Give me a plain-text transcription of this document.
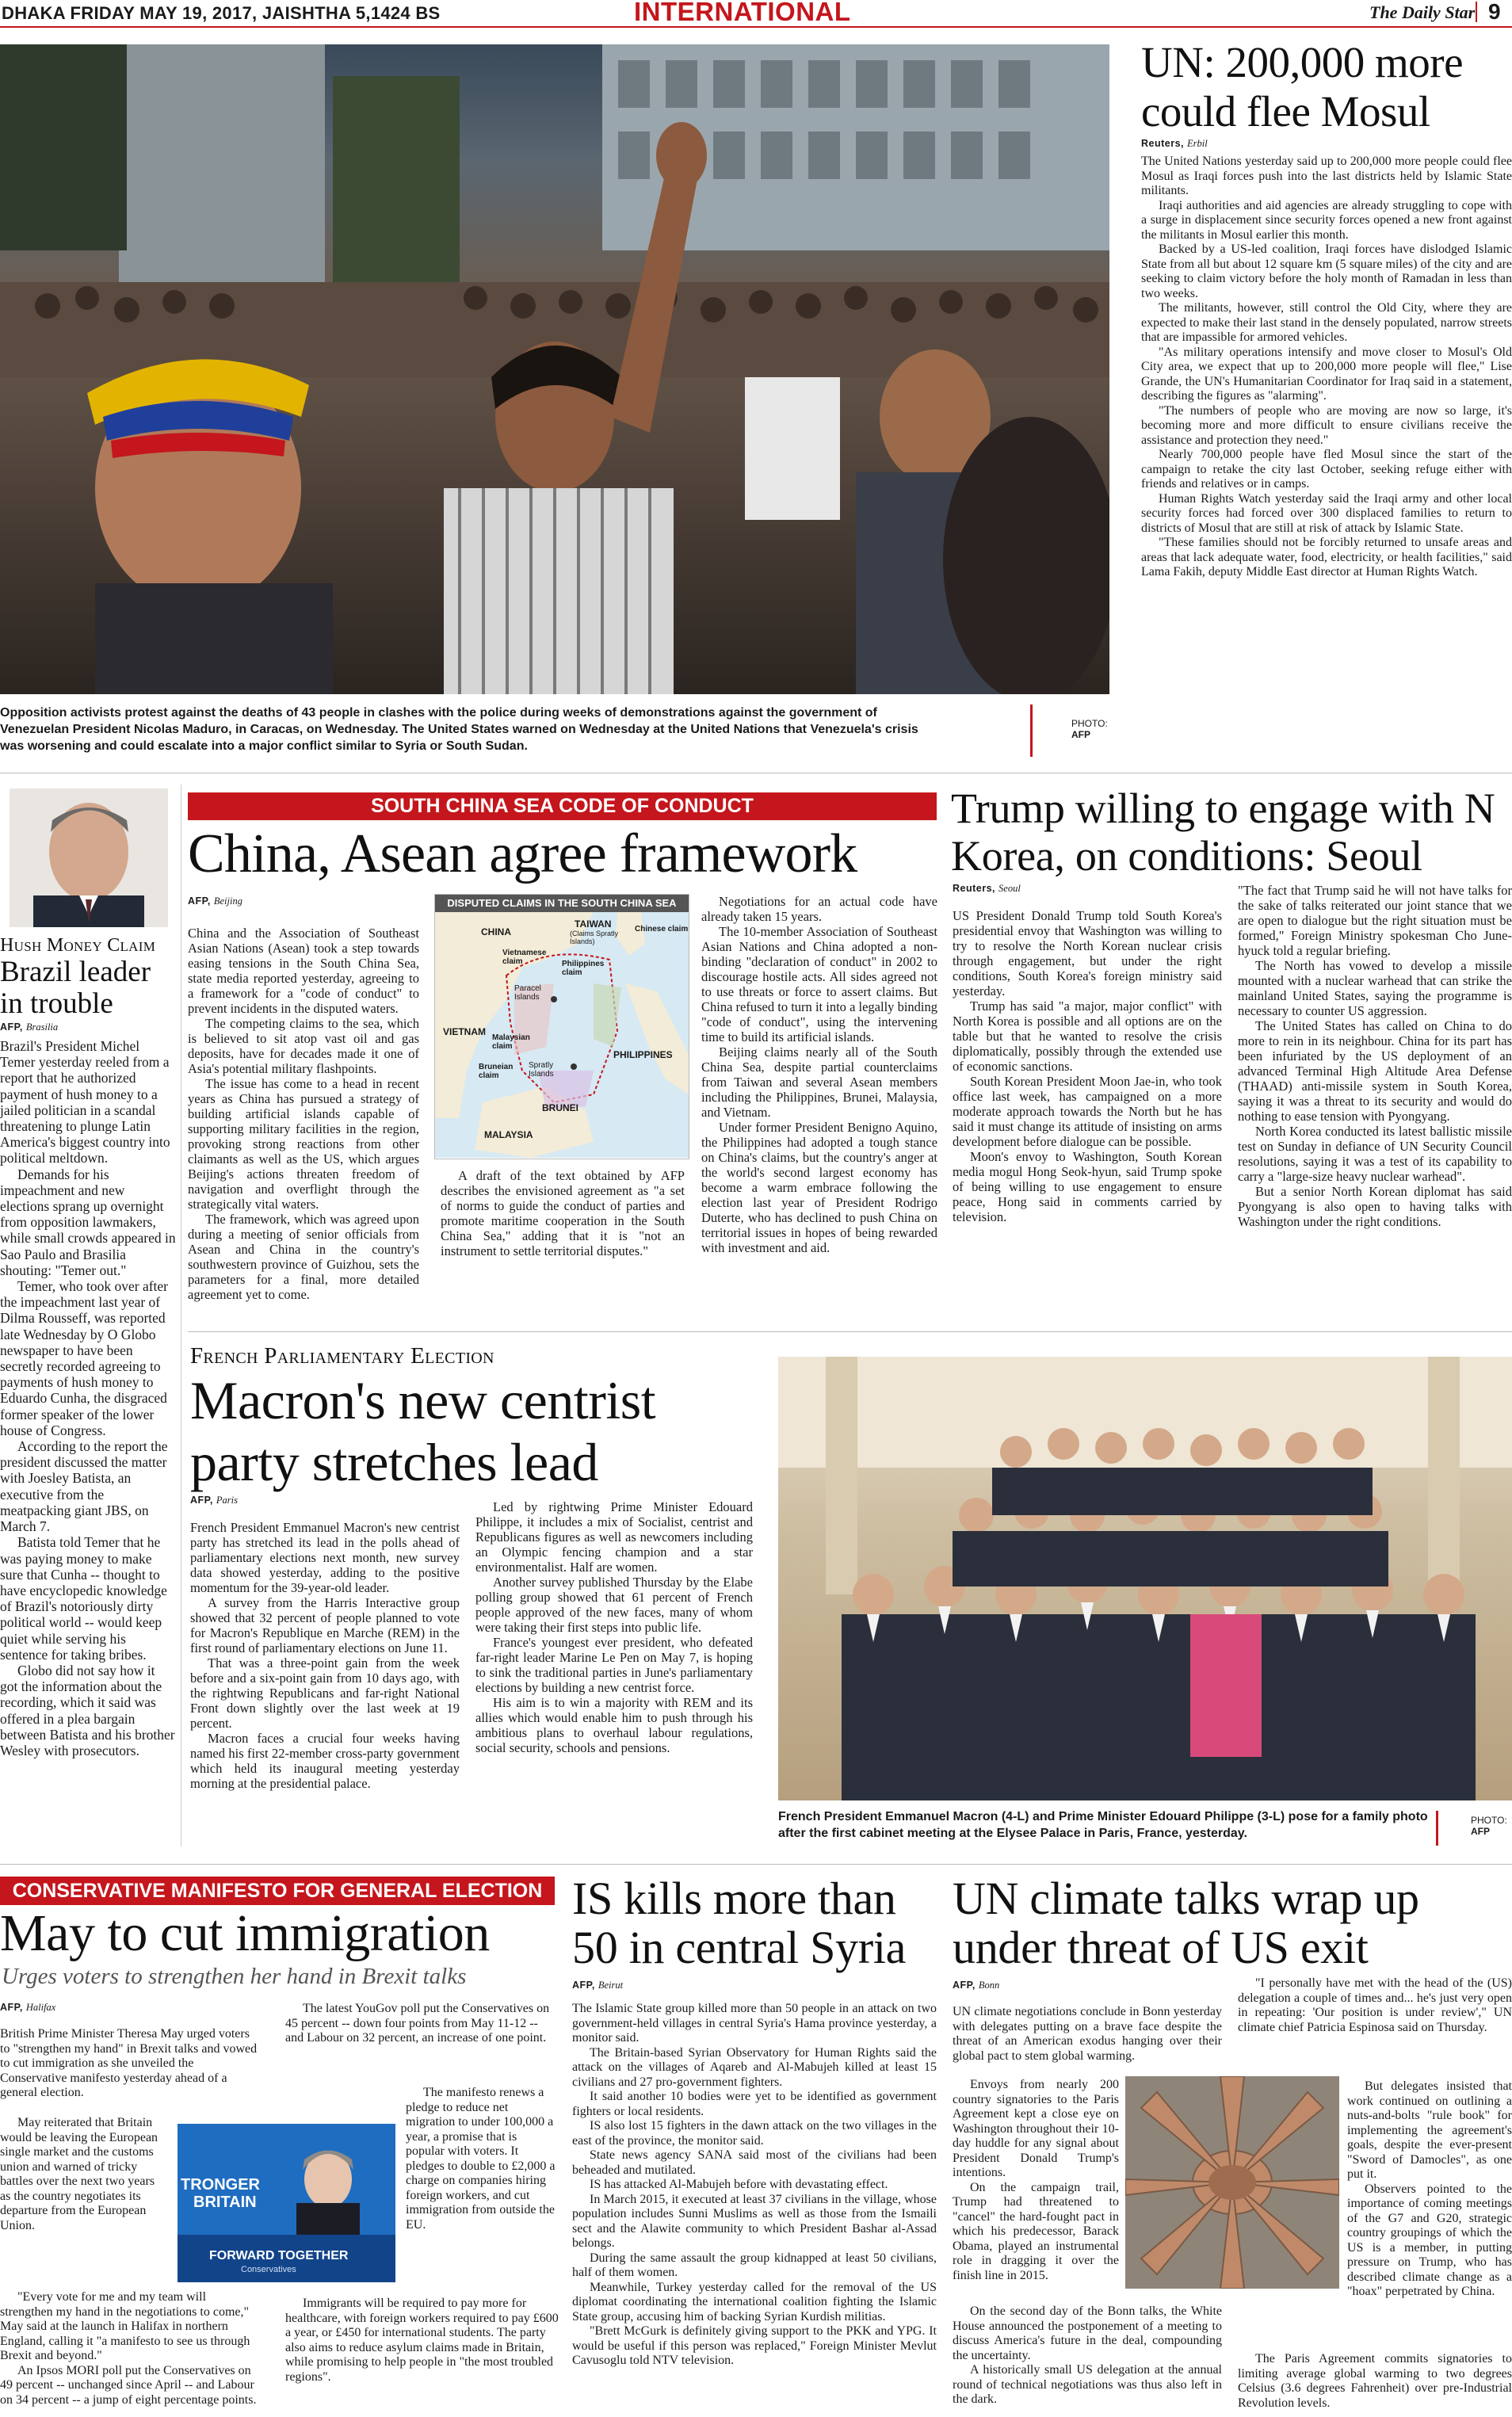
DHAKA FRIDAY MAY 19, 2017, JAISHTHA 5,1424 BS	INTERNATIONAL	The Daily Star 9
Opposition activists protest against the deaths of 43 people in clashes with the police during weeks of demonstrations against the government of Venezuelan President Nicolas Maduro, in Caracas, on Wednesday. The United States warned on Wednesday at the United Nations that Venezuela's crisis was worsening and could escalate into a major conflict similar to Syria or South Sudan.
PHOTO:
AFP
UN: 200,000 more could flee Mosul
Reuters, Erbil

The United Nations yesterday said up to 200,000 more people could flee Mosul as Iraqi forces push into the last districts held by Islamic State militants.

Iraqi authorities and aid agencies are already struggling to cope with a surge in displacement since security forces opened a new front against the militants in Mosul earlier this month.

Backed by a US-led coalition, Iraqi forces have dislodged Islamic State from all but about 12 square km (5 square miles) of the city and are seeking to claim victory before the holy month of Ramadan in less than two weeks.

The militants, however, still control the Old City, where they are expected to make their last stand in the densely populated, narrow streets that are impassible for armored vehicles.

"As military operations intensify and move closer to Mosul's Old City area, we expect that up to 200,000 more people will flee," Lise Grande, the UN's Humanitarian Coordinator for Iraq said in a statement, describing the figures as "alarming".

"The numbers of people who are moving are now so large, it's becoming more and more difficult to ensure civilians receive the assistance and protection they need."

Nearly 700,000 people have fled Mosul since the start of the campaign to retake the city last October, seeking refuge either with friends and relatives or in camps.

Human Rights Watch yesterday said the Iraqi army and other local security forces had forced over 300 displaced families to return to districts of Mosul that are still at risk of attack by Islamic State.

"These families should not be forcibly returned to unsafe areas and areas that lack adequate water, food, electricity, or health facilities," said Lama Fakih, deputy Middle East director at Human Rights Watch.

Hush Money Claim
Brazil leader in trouble
AFP, Brasilia

Brazil's President Michel Temer yesterday reeled from a report that he authorized payment of hush money to a jailed politician in a scandal threatening to plunge Latin America's biggest country into political meltdown.

Demands for his impeachment and new elections sprang up overnight from opposition lawmakers, while small crowds appeared in Sao Paulo and Brasilia shouting: "Temer out."

Temer, who took over after the impeachment last year of Dilma Rousseff, was reported late Wednesday by O Globo newspaper to have been secretly recorded agreeing to payments of hush money to Eduardo Cunha, the disgraced former speaker of the lower house of Congress.

According to the report the president discussed the matter with Joesley Batista, an executive from the meatpacking giant JBS, on March 7.

Batista told Temer that he was paying money to make sure that Cunha -- thought to have encyclopedic knowledge of Brazil's notoriously dirty political world -- would keep quiet while serving his sentence for taking bribes.

Globo did not say how it got the information about the recording, which it said was offered in a plea bargain between Batista and his brother Wesley with prosecutors.

SOUTH CHINA SEA CODE OF CONDUCT
China, Asean agree framework
AFP, Beijing	DISPUTED CLAIMS IN THE SOUTH CHINA SEA
CHINA
TAIWAN
(Claims Spratly Islands)
Chinese claim
Vietnamese claim	Philippines claim
Paracel Islands
VIETNAM
Malaysian claim
Bruneian claim
Spratly Islands
PHILIPPINES
BRUNEI
MALAYSIA

China and the Association of Southeast Asian Nations (Asean) took a step towards easing tensions in the South China Sea, state media reported yesterday, agreeing to a framework for a "code of conduct" to prevent incidents in the disputed waters.

The competing claims to the sea, which is believed to sit atop vast oil and gas deposits, have for decades made it one of Asia's potential military flashpoints.

The issue has come to a head in recent years as China has pursued a strategy of building artificial islands capable of supporting military facilities in the region, provoking strong reactions from other claimants as well as the US, which argues Beijing's actions threaten freedom of navigation and overflight through the strategically vital waters.

The framework, which was agreed upon during a meeting of senior officials from Asean and China in the country's southwestern province of Guizhou, sets the parameters for a final, more detailed agreement yet to come.

A draft of the text obtained by AFP describes the envisioned agreement as "a set of norms to guide the conduct of parties and promote maritime cooperation in the South China Sea," adding that it is "not an instrument to settle territorial disputes."

Negotiations for an actual code have already taken 15 years.

The 10-member Association of Southeast Asian Nations and China adopted a non-binding "declaration of conduct" in 2002 to discourage hostile acts. All sides agreed not to use threats or force to assert claims. But China refused to turn it into a legally binding "code of conduct", using the intervening time to build its artificial islands.

Beijing claims nearly all of the South China Sea, despite partial counterclaims from Taiwan and several Asean members including the Philippines, Brunei, Malaysia, and Vietnam.

Under former President Benigno Aquino, the Philippines had adopted a tough stance on China's claims, but the country's anger at the world's second largest economy has become a warm embrace following the election last year of President Rodrigo Duterte, who has declined to push China on territorial issues in hopes of being rewarded with investment and aid.

Trump willing to engage with N Korea, on conditions: Seoul
Reuters, Seoul

US President Donald Trump told South Korea's presidential envoy that Washington was willing to try to resolve the North Korean nuclear crisis through engagement, but under the right conditions, South Korea's foreign ministry said yesterday.

Trump has said "a major, major conflict" with North Korea is possible and all options are on the table but that he wanted to resolve the crisis diplomatically, possibly through the extended use of economic sanctions.

South Korean President Moon Jae-in, who took office last week, has campaigned on a more moderate approach towards the North but he has said it must change its attitude of insisting on arms development before dialogue can be possible.

Moon's envoy to Washington, South Korean media mogul Hong Seok-hyun, said Trump spoke of being willing to use engagement to ensure peace, Hong said in comments carried by television.

"The fact that Trump said he will not have talks for the sake of talks reiterated our joint stance that we are open to dialogue but the right situation must be formed," Foreign Ministry spokesman Cho June-hyuck told a regular briefing.

The North has vowed to develop a missile mounted with a nuclear warhead that can strike the mainland United States, saying the programme is necessary to counter US aggression.

The United States has called on China to do more to rein in its neighbour. China for its part has been infuriated by the US deployment of an advanced Terminal High Altitude Area Defense (THAAD) anti-missile system in South Korea, saying it was a threat to its security and would do nothing to ease tension with Pyongyang.

North Korea conducted its latest ballistic missile test on Sunday in defiance of UN Security Council resolutions, saying it was a test of its capability to carry a "large-size heavy nuclear warhead".

But a senior North Korean diplomat has said Pyongyang is also open to having talks with Washington under the right conditions.

French Parliamentary Election
Macron's new centrist party stretches lead
AFP, Paris

French President Emmanuel Macron's new centrist party has stretched its lead in the polls ahead of parliamentary elections next month, new survey data showed yesterday, adding to the positive momentum for the 39-year-old leader.

A survey from the Harris Interactive group showed that 32 percent of people planned to vote for Macron's Republique en Marche (REM) in the first round of parliamentary elections on June 11.

That was a three-point gain from the week before and a six-point gain from 10 days ago, with the rightwing Republicans and far-right National Front down slightly over the last week at 19 percent.

Macron faces a crucial four weeks having named his first 22-member cross-party government which held its inaugural meeting yesterday morning at the presidential palace.

Led by rightwing Prime Minister Edouard Philippe, it includes a mix of Socialist, centrist and Republicans figures as well as newcomers including an Olympic fencing champion and a star environmentalist. Half are women.

Another survey published Thursday by the Elabe polling group showed that 61 percent of French people approved of the new faces, many of whom were taking their first steps into public life.

France's youngest ever president, who defeated far-right leader Marine Le Pen on May 7, is hoping to sink the traditional parties in June's parliamentary elections by building a new centrist force.

His aim is to win a majority with REM and its allies which would enable him to push through his ambitious plans to overhaul labour regulations, social security, schools and pensions.

French President Emmanuel Macron (4-L) and Prime Minister Edouard Philippe (3-L) pose for a family photo after the first cabinet meeting at the Elysee Palace in Paris, France, yesterday.
PHOTO:
AFP
CONSERVATIVE MANIFESTO FOR GENERAL ELECTION
May to cut immigration
Urges voters to strengthen her hand in Brexit talks
AFP, Halifax
TRONGER
BRITAIN
FORWARD TOGETHER
Conservatives

British Prime Minister Theresa May urged voters to "strengthen my hand" in Brexit talks and vowed to cut immigration as she unveiled the Conservative manifesto yesterday ahead of a general election.

May reiterated that Britain would be leaving the European single market and the customs union and warned of tricky battles over the next two years as the country negotiates its departure from the European Union.

"Every vote for me and my team will strengthen my hand in the negotiations to come," May said at the launch in Halifax in northern England, calling it "a manifesto to see us through Brexit and beyond."

An Ipsos MORI poll put the Conservatives on 49 percent -- unchanged since April -- and Labour on 34 percent -- a jump of eight percentage points.

The latest YouGov poll put the Conservatives on 45 percent -- down four points from May 11-12 -- and Labour on 32 percent, an increase of one point.

The manifesto renews a pledge to reduce net migration to under 100,000 a year, a promise that is popular with voters. It pledges to double to £2,000 a charge on companies hiring foreign workers, and cut immigration from outside the EU.

Immigrants will be required to pay more for healthcare, with foreign workers required to pay £600 a year, or £450 for international students. The party also aims to reduce asylum claims made in Britain, while promising to help people in "the most troubled regions".

IS kills more than 50 in central Syria
AFP, Beirut

The Islamic State group killed more than 50 people in an attack on two government-held villages in central Syria's Hama province yesterday, a monitor said.

The Britain-based Syrian Observatory for Human Rights said the attack on the villages of Aqareb and Al-Mabujeh killed at least 15 civilians and 27 pro-government fighters.

It said another 10 bodies were yet to be identified as government fighters or local residents.

IS also lost 15 fighters in the dawn attack on the two villages in the east of the province, the monitor said.

State news agency SANA said most of the civilians had been beheaded and mutilated.

IS has attacked Al-Mabujeh before with devastating effect.

In March 2015, it executed at least 37 civilians in the village, whose population includes Sunni Muslims as well as those from the Ismaili sect and the Alawite community to which President Bashar al-Assad belongs.

During the same assault the group kidnapped at least 50 civilians, half of them women.

Meanwhile, Turkey yesterday called for the removal of the US diplomat coordinating the international coalition fighting the Islamic State group, accusing him of backing Syrian Kurdish militias.

"Brett McGurk is definitely giving support to the PKK and YPG. It would be useful if this person was replaced," Foreign Minister Mevlut Cavusoglu told NTV television.

UN climate talks wrap up under threat of US exit
AFP, Bonn

UN climate negotiations conclude in Bonn yesterday with delegates putting on a brave face despite the threat of an American exodus hanging over their global pact to stem global warming.

Envoys from nearly 200 country signatories to the Paris Agreement kept a close eye on Washington throughout their 10-day huddle for any signal about President Donald Trump's intentions.

On the campaign trail, Trump had threatened to "cancel" the hard-fought pact in which his predecessor, Barack Obama, played an instrumental role in dragging it over the finish line in 2015.

On the second day of the Bonn talks, the White House announced the postponement of a meeting to discuss America's future in the deal, compounding the uncertainty.

A historically small US delegation at the annual round of technical negotiations was thus also left in the dark.

"I personally have met with the head of the (US) delegation a couple of times and... he's just very open in repeating: 'Our position is under review'," UN climate chief Patricia Espinosa said on Thursday.

But delegates insisted that work continued on outlining a nuts-and-bolts "rule book" for implementing the agreement's goals, despite the ever-present "Sword of Damocles", as one put it.

Observers pointed to the importance of coming meetings of the G7 and G20, strategic country groupings of which the US is a member, in putting pressure on Trump, who has described climate change as a "hoax" perpetrated by China.

The Paris Agreement commits signatories to limiting average global warming to two degrees Celsius (3.6 degrees Fahrenheit) over pre-Industrial Revolution levels.
